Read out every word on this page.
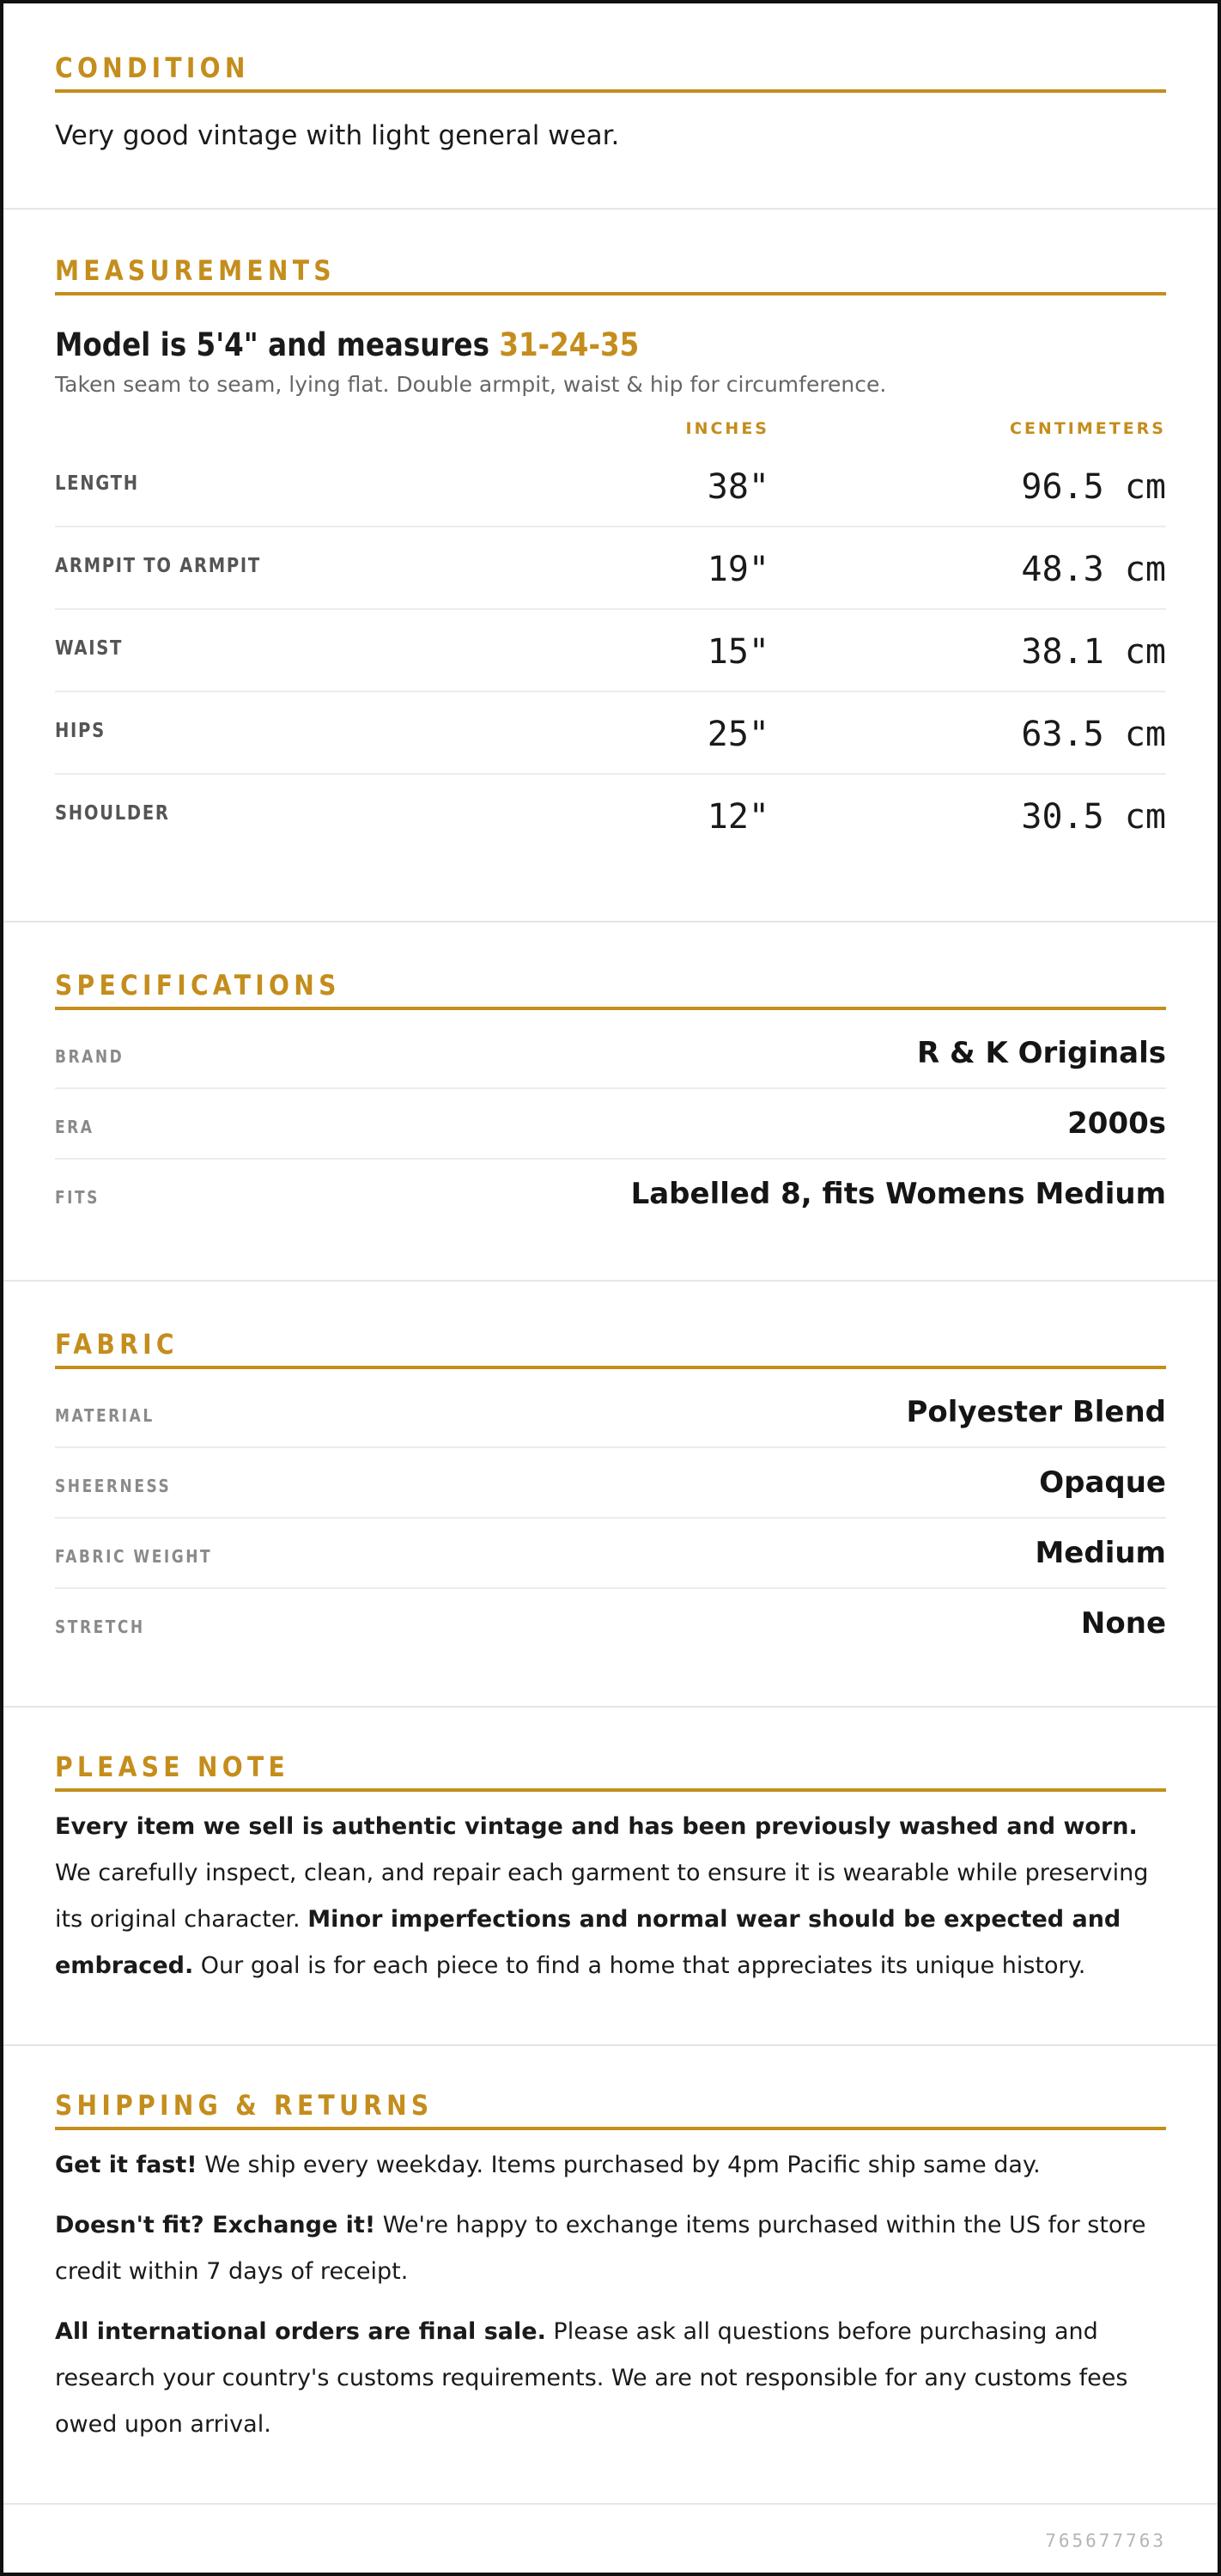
CONDITION
Very good vintage with light general wear.
MEASUREMENTS
Model is 5'4" and measures 31-24-35
Taken seam to seam, lying flat. Double armpit, waist & hip for circumference.
INCHES	CENTIMETERS
LENGTH	38"	96.5 cm
ARMPIT TO ARMPIT	19"	48.3 cm
WAIST	15"	38.1 cm
HIPS	25"	63.5 cm
SHOULDER	12"	30.5 cm
SPECIFICATIONS
BRAND	R & K Originals
ERA	2000s
FITS	Labelled 8, fits Womens Medium
FABRIC
MATERIAL	Polyester Blend
SHEERNESS	Opaque
FABRIC WEIGHT	Medium
STRETCH	None
PLEASE NOTE

Every item we sell is authentic vintage and has been previously washed and worn. We carefully inspect, clean, and repair each garment to ensure it is wearable while preserving its original character. Minor imperfections and normal wear should be expected and embraced. Our goal is for each piece to find a home that appreciates its unique history.

SHIPPING & RETURNS

Get it fast! We ship every weekday. Items purchased by 4pm Pacific ship same day.

Doesn't fit? Exchange it! We're happy to exchange items purchased within the US for store credit within 7 days of receipt.

All international orders are final sale. Please ask all questions before purchasing and research your country's customs requirements. We are not responsible for any customs fees owed upon arrival.

765677763
